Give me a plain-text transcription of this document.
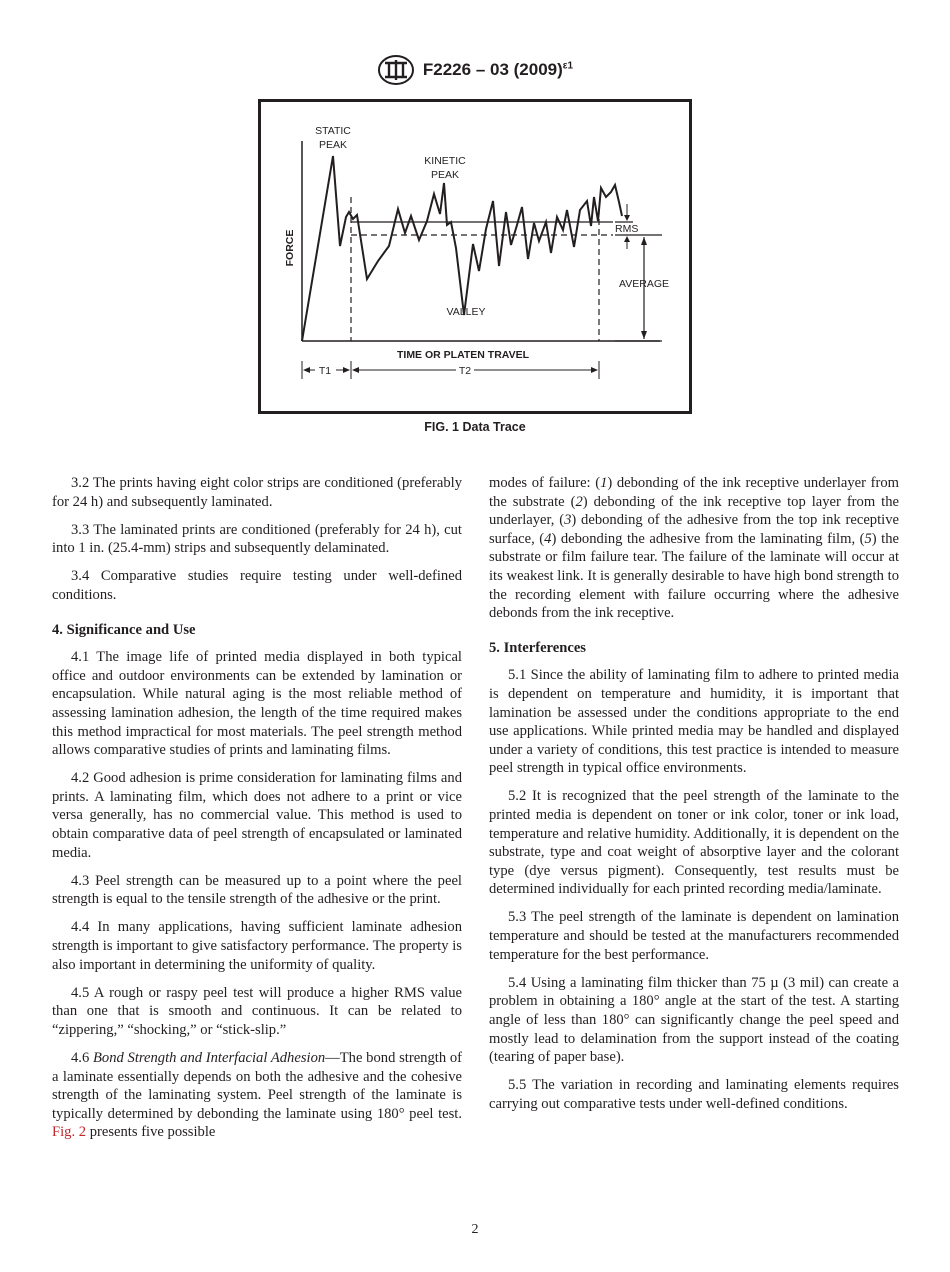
F2226 – 03 $(2009)^{\varepsilon 1}$
STATIC
PEAK
KINETIC
PEAK
FORCE
RMS
AVERAGE
VALLEY
TIME OR PLATEN TRAVEL
T1	T2
FIG. 1 Data Trace

3.2 The prints having eight color strips are conditioned (preferably for 24 h) and subsequently laminated.

3.3 The laminated prints are conditioned (preferably for 24 h), cut into 1 in. (25.4-mm) strips and subsequently delaminated.

3.4 Comparative studies require testing under well-defined conditions.

4. Significance and Use

4.1 The image life of printed media displayed in both typical office and outdoor environments can be extended by lamination or encapsulation. While natural aging is the most reliable method of assessing lamination adhesion, the length of the time required makes this method impractical for most materials. The peel strength method allows comparative studies of prints and laminating films.

4.2 Good adhesion is prime consideration for laminating films and prints. A laminating film, which does not adhere to a print or vice versa generally, has no commercial value. This method is used to obtain comparative data of peel strength of encapsulated or laminated media.

4.3 Peel strength can be measured up to a point where the peel strength is equal to the tensile strength of the adhesive or the print.

4.4 In many applications, having sufficient laminate adhesion strength is important to give satisfactory performance. The property is also important in determining the uniformity of quality.

4.5 A rough or raspy peel test will produce a higher RMS value than one that is smooth and continuous. It can be related to “zippering,” “shocking,” or “stick-slip.”

4.6 Bond Strength and Interfacial Adhesion—The bond strength of a laminate essentially depends on both the adhesive and the cohesive strength of the laminating system. Peel strength of the laminate is typically determined by debonding the laminate using 180° peel test. Fig. 2 presents five possible

modes of failure: (1) debonding of the ink receptive underlayer from the substrate (2) debonding of the ink receptive top layer from the underlayer, (3) debonding of the adhesive from the top ink receptive surface, (4) debonding the adhesive from the laminating film, (5) the substrate or film failure tear. The failure of the laminate will occur at its weakest link. It is generally desirable to have high bond strength to the recording element with failure occurring where the adhesive debonds from the ink receptive.

5. Interferences

5.1 Since the ability of laminating film to adhere to printed media is dependent on temperature and humidity, it is important that lamination be assessed under the conditions appropriate to the end use applications. While printed media may be handled and displayed under a variety of conditions, this test practice is intended to measure peel strength in typical office environments.

5.2 It is recognized that the peel strength of the laminate to the printed media is dependent on toner or ink color, toner or ink load, temperature and relative humidity. Additionally, it is dependent on the substrate, type and coat weight of absorptive layer and the colorant type (dye versus pigment). Consequently, test results must be determined individually for each printed recording media/laminate.

5.3 The peel strength of the laminate is dependent on lamination temperature and should be tested at the manufacturers recommended temperature for the best performance.

5.4 Using a laminating film thicker than 75 µ (3 mil) can create a problem in obtaining a 180° angle at the start of the test. A starting angle of less than 180° can significantly change the peel speed and mostly lead to delamination from the support instead of the coating (tearing of paper base).

5.5 The variation in recording and laminating elements requires carrying out comparative tests under well-defined conditions.

2
